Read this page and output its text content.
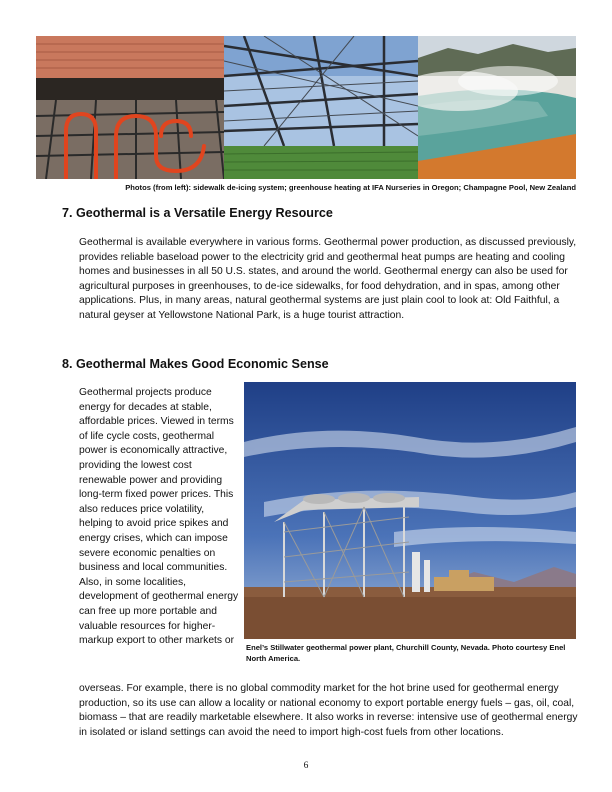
Photos (from left): sidewalk de-icing system; greenhouse heating at IFA Nurseries in Oregon; Champagne Pool, New Zealand
7. Geothermal is a Versatile Energy Resource
Geothermal is available everywhere in various forms. Geothermal power production, as discussed previously, provides reliable baseload power to the electricity grid and geothermal heat pumps are heating and cooling homes and businesses in all 50 U.S. states, and around the world. Geothermal energy can also be used for agricultural purposes in greenhouses, to de-ice sidewalks, for food dehydration, and in spas, among other applications. Plus, in many areas, natural geothermal systems are just plain cool to look at: Old Faithful, a natural geyser at Yellowstone National Park, is a huge tourist attraction.
8. Geothermal Makes Good Economic Sense
Geothermal projects produce energy for decades at stable, affordable prices. Viewed in terms of life cycle costs, geothermal power is economically attractive, providing the lowest cost renewable power and providing long-term fixed power prices. This also reduces price volatility, helping to avoid price spikes and energy crises, which can impose severe economic penalties on business and local communities. Also, in some localities, development of geothermal energy can free up more portable and valuable resources for higher-markup export to other markets or
Enel’s Stillwater geothermal power plant, Churchill County, Nevada. Photo courtesy Enel North America.
overseas. For example, there is no global commodity market for the hot brine used for geothermal energy production, so its use can allow a locality or national economy to export portable energy fuels – gas, oil, coal, biomass – that are readily marketable elsewhere. It also works in reverse: intensive use of geothermal energy in isolated or island settings can avoid the need to import high-cost fuels from other locations.
6
